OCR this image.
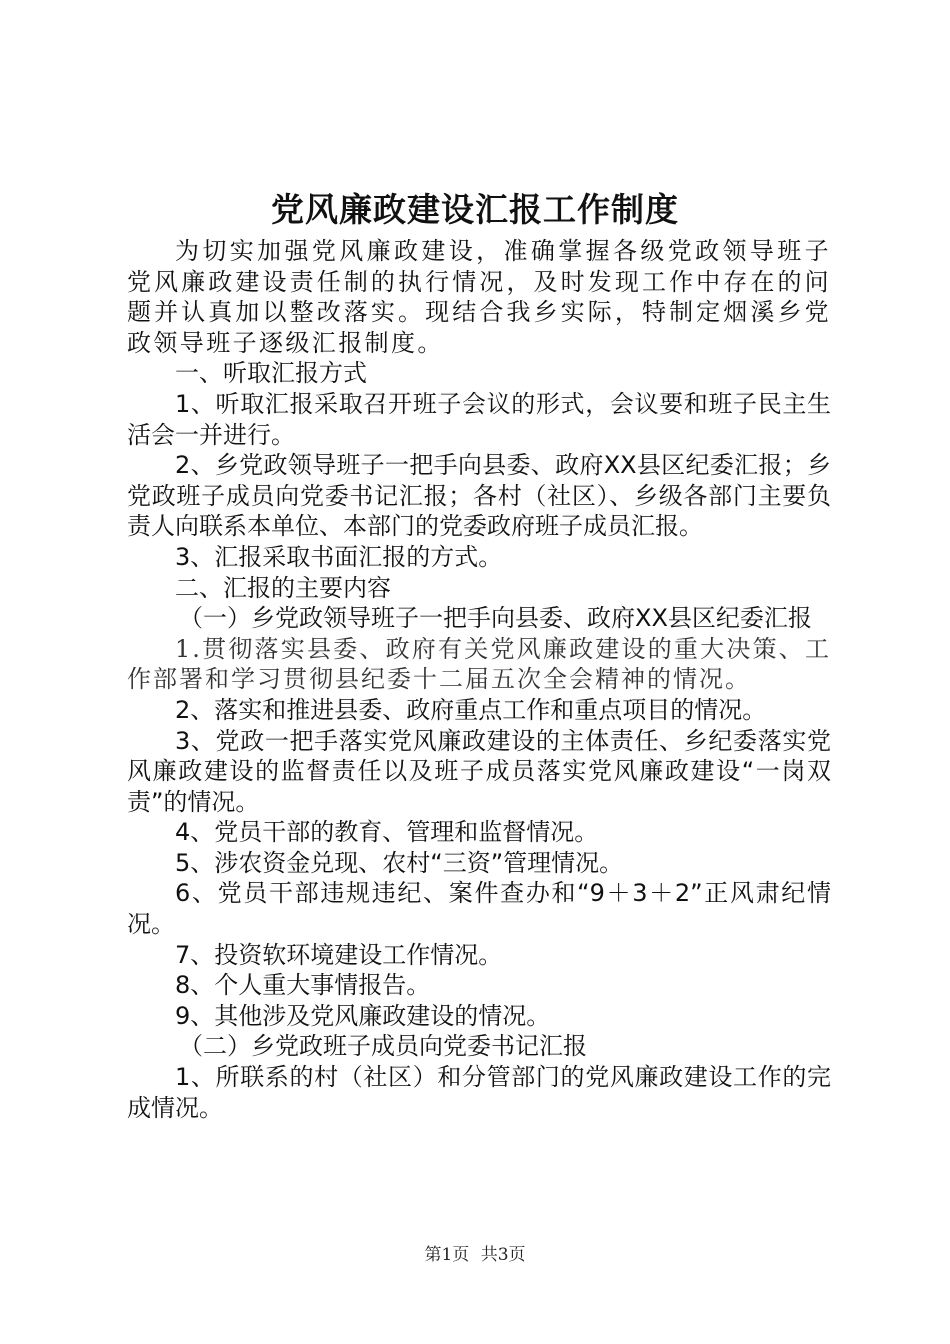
党风廉政建设汇报工作制度

为切实加强党风廉政建设，准确掌握各级党政领导班子党风廉政建设责任制的执行情况，及时发现工作中存在的问题并认真加以整改落实。现结合我乡实际，特制定烟溪乡党政领导班子逐级汇报制度。

一、听取汇报方式

1、听取汇报采取召开班子会议的形式，会议要和班子民主生活会一并进行。

2、乡党政领导班子一把手向县委、政府XX县区纪委汇报；乡党政班子成员向党委书记汇报；各村（社区）、乡级各部门主要负责人向联系本单位、本部门的党委政府班子成员汇报。

3、汇报采取书面汇报的方式。

二、汇报的主要内容

（一）乡党政领导班子一把手向县委、政府XX县区纪委汇报

1.贯彻落实县委、政府有关党风廉政建设的重大决策、工作部署和学习贯彻县纪委十二届五次全会精神的情况。

2、落实和推进县委、政府重点工作和重点项目的情况。

3、党政一把手落实党风廉政建设的主体责任、乡纪委落实党风廉政建设的监督责任以及班子成员落实党风廉政建设“一岗双责”的情况。

4、党员干部的教育、管理和监督情况。

5、涉农资金兑现、农村“三资”管理情况。

6、党员干部违规违纪、案件查办和“9＋3＋2”正风肃纪情况。

7、投资软环境建设工作情况。

8、个人重大事情报告。

9、其他涉及党风廉政建设的情况。

（二）乡党政班子成员向党委书记汇报

1、所联系的村（社区）和分管部门的党风廉政建设工作的完成情况。

第1页 共3页
